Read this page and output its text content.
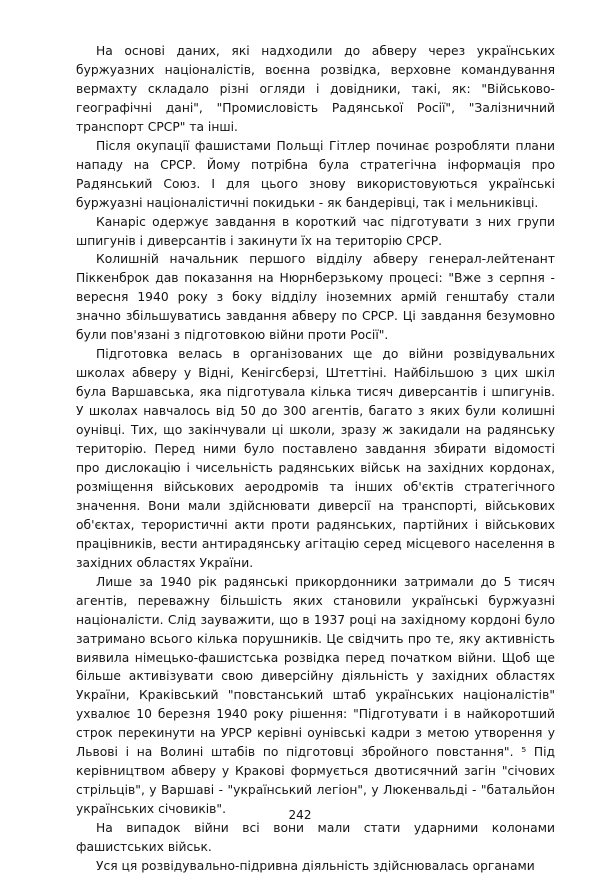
На основі даних, які надходили до абверу через українських буржуазних націоналістів, воєнна розвідка, верховне командування вермахту складало різні огляди і довідники, такі, як: "Військово-географічні дані", "Промисловість Радянської Росії", "Залізничний транспорт СРСР" та інші.

Після окупації фашистами Польщі Гітлер починає розробляти плани нападу на СРСР. Йому потрібна була стратегічна інформація про Радянський Союз. І для цього знову використовуються українські буржуазні націоналістичні покидьки - як бандерівці, так і мельниківці.

Канаріс одержує завдання в короткий час підготувати з них групи шпигунів і диверсантів і закинути їх на територію СРСР.

Колишній начальник першого відділу абверу генерал-лейтенант Піккенброк дав показання на Нюрнберзькому процесі: "Вже з серпня - вересня 1940 року з боку відділу іноземних армій генштабу стали значно збільшуватись завдання абверу по СРСР. Ці завдання безумовно були пов'язані з підготовкою війни проти Росії".

Підготовка велась в організованих ще до війни розвідувальних школах абверу у Відні, Кенігсберзі, Штеттіні. Найбільшою з цих шкіл була Варшавська, яка підготувала кілька тисяч диверсантів і шпигунів. У школах навчалось від 50 до 300 агентів, багато з яких були колишні оунівці. Тих, що закінчували ці школи, зразу ж закидали на радянську територію. Перед ними було поставлено завдання збирати відомості про дислокацію і чисельність радянських військ на західних кордонах, розміщення військових аеродромів та інших об'єктів стратегічного значення. Вони мали здійснювати диверсії на транспорті, військових об'єктах, терористичні акти проти радянських, партійних і військових працівників, вести антирадянську агітацію серед місцевого населення в західних областях України.

Лише за 1940 рік радянські прикордонники затримали до 5 тисяч агентів, переважну більшість яких становили українські буржуазні націоналісти. Слід зауважити, що в 1937 році на західному кордоні було затримано всього кілька порушників. Це свідчить про те, яку активність виявила німецько-фашистська розвідка перед початком війни. Щоб ще більше активізувати свою диверсійну діяльність у західних областях України, Краківський "повстанський штаб українських націоналістів" ухвалює 10 березня 1940 року рішення: "Підготувати і в найкоротший строк перекинути на УРСР керівні оунівські кадри з метою утворення у Львові і на Волині штабів по підготовці збройного повстання". ⁵ Під керівництвом абверу у Кракові формується двотисячний загін "січових стрільців", у Варшаві - "український легіон", у Люкенвальді - "батальйон українських січовиків".

На випадок війни всі вони мали стати ударними колонами фашистських військ.

Уся ця розвідувально-підривна діяльність здійснювалась органами

242
